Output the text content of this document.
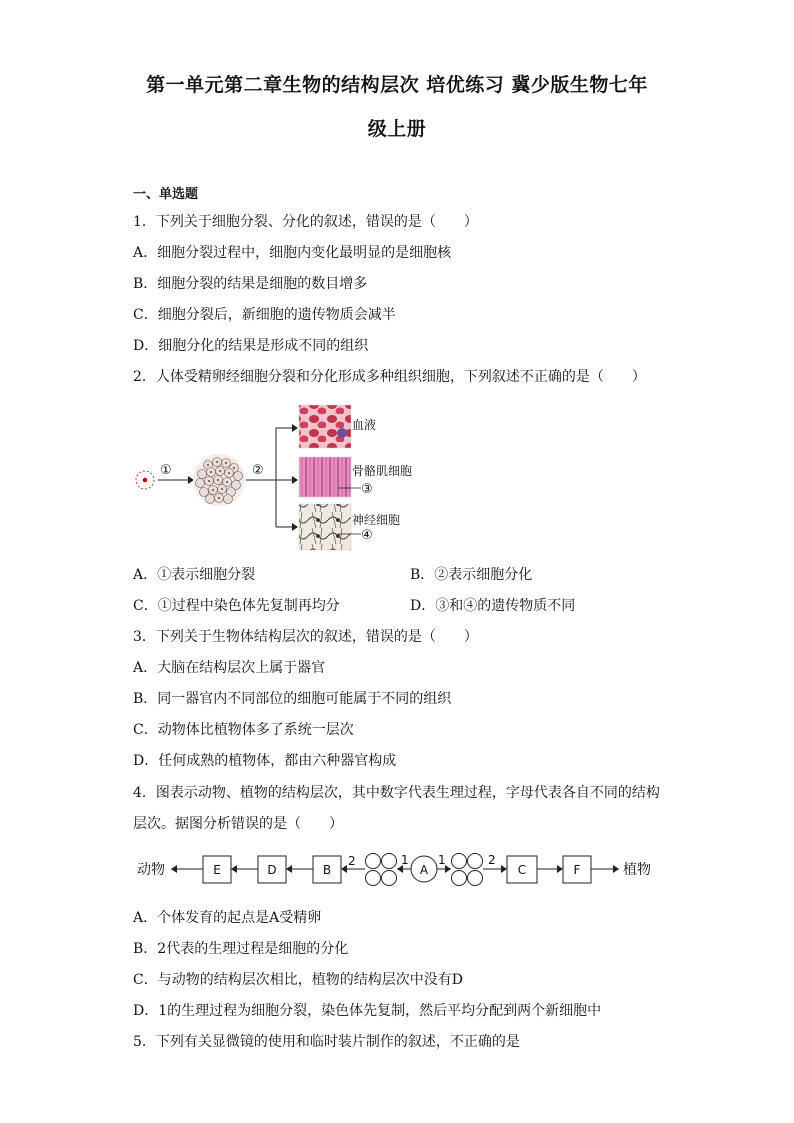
第一单元第二章生物的结构层次 培优练习 冀少版生物七年
级上册
一、单选题
1．下列关于细胞分裂、分化的叙述，错误的是（　　）
A．细胞分裂过程中，细胞内变化最明显的是细胞核
B．细胞分裂的结果是细胞的数目增多
C．细胞分裂后，新细胞的遗传物质会减半
D．细胞分化的结果是形成不同的组织
2．人体受精卵经细胞分裂和分化形成多种组织细胞，下列叙述不正确的是（　　）
①	②
血液
骨骼肌细胞
③
神经细胞
④
A．①表示细胞分裂	B．②表示细胞分化
C．①过程中染色体先复制再均分	D．③和④的遗传物质不同
3．下列关于生物体结构层次的叙述，错误的是（　　）
A．大脑在结构层次上属于器官
B．同一器官内不同部位的细胞可能属于不同的组织
C．动物体比植物体多了系统一层次
D．任何成熟的植物体，都由六种器官构成
4．图表示动物、植物的结构层次，其中数字代表生理过程，字母代表各自不同的结构
层次。据图分析错误的是（　　）
动物	E	D	B
2	1
A
1	2
C	F	植物
A．个体发育的起点是A受精卵
B．2代表的生理过程是细胞的分化
C．与动物的结构层次相比，植物的结构层次中没有D
D．1的生理过程为细胞分裂，染色体先复制，然后平均分配到两个新细胞中
5．下列有关显微镜的使用和临时装片制作的叙述，不正确的是
